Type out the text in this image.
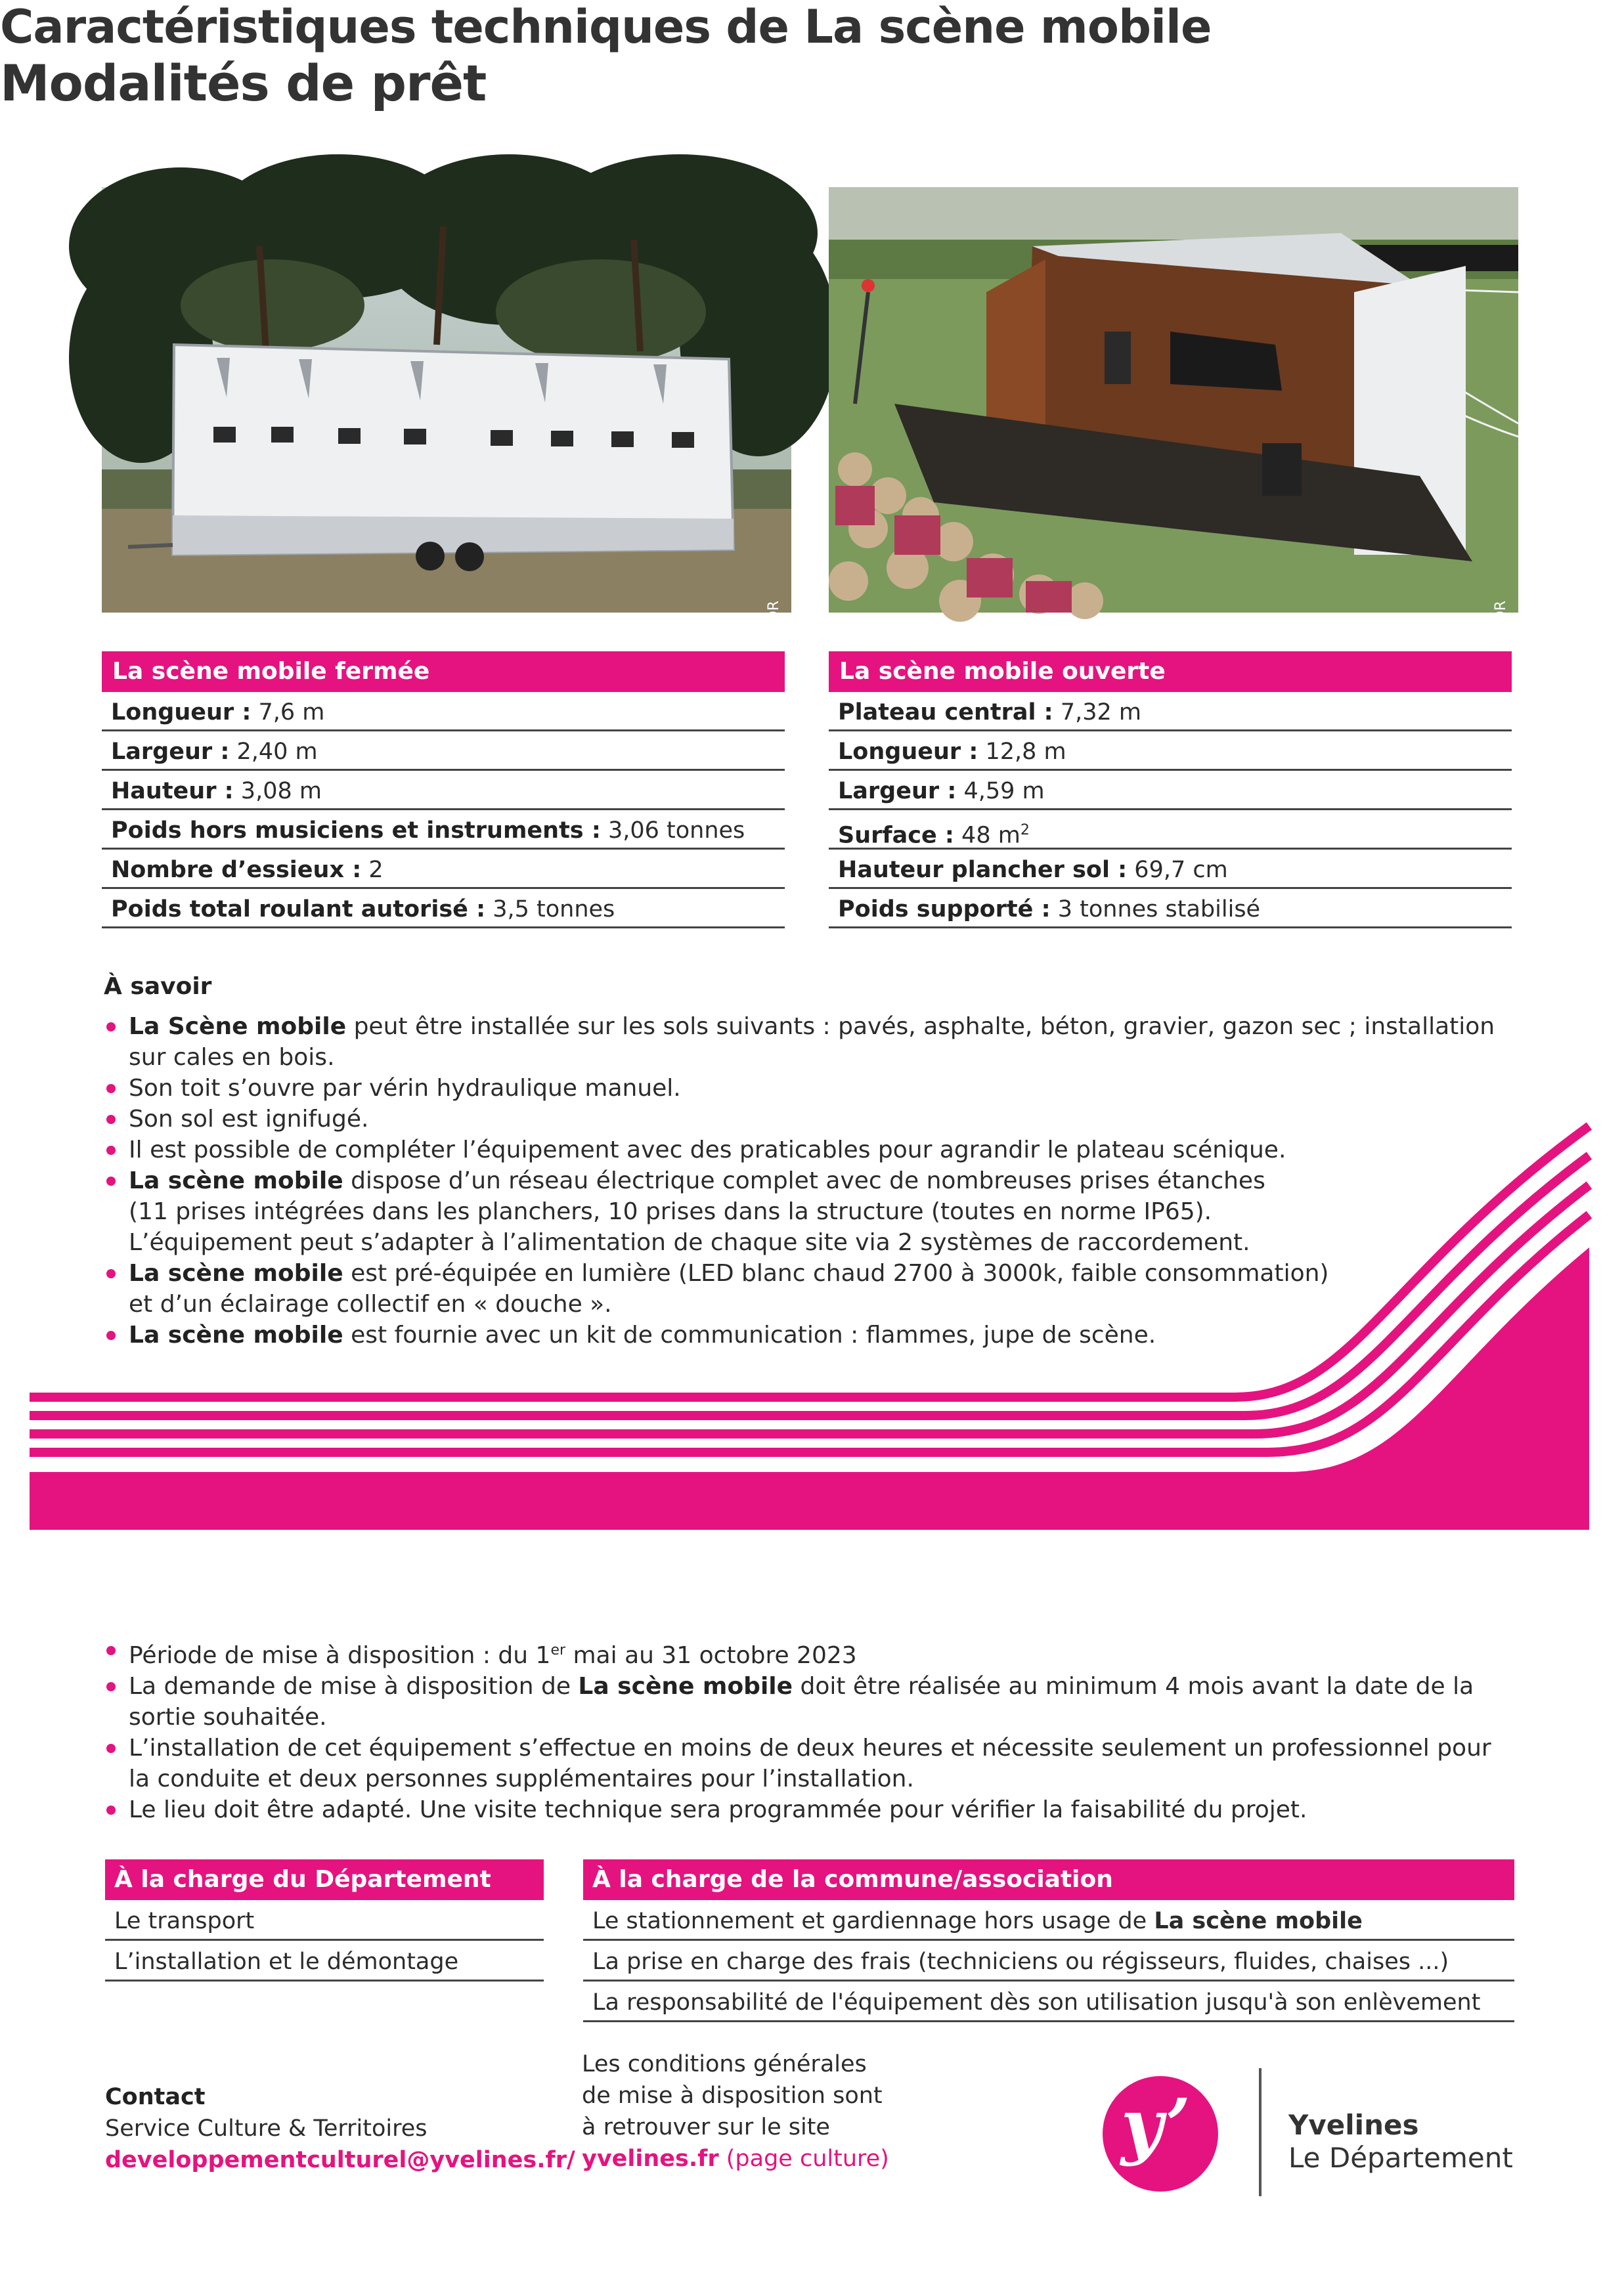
Caractéristiques techniques de La scène mobile
© DR	© DR
La scène mobile fermée
Longueur : 7,6 m
Largeur : 2,40 m
Hauteur : 3,08 m
Poids hors musiciens et instruments : 3,06 tonnes
Nombre d’essieux : 2
Poids total roulant autorisé : 3,5 tonnes
La scène mobile ouverte
Plateau central : 7,32 m
Longueur : 12,8 m
Largeur : 4,59 m
Surface : 48 $m^2$
Hauteur plancher sol : 69,7 cm
Poids supporté : 3 tonnes stabilisé
À savoir
La Scène mobile peut être installée sur les sols suivants : pavés, asphalte, béton, gravier, gazon sec ; installation sur cales en bois.
Son toit s’ouvre par vérin hydraulique manuel.
Son sol est ignifugé.
Il est possible de compléter l’équipement avec des praticables pour agrandir le plateau scénique.
La scène mobile dispose d’un réseau électrique complet avec de nombreuses prises étanches (11 prises intégrées dans les planchers, 10 prises dans la structure (toutes en norme IP65). L’équipement peut s’adapter à l’alimentation de chaque site via 2 systèmes de raccordement.
La scène mobile est pré-équipée en lumière (LED blanc chaud 2700 à 3000k, faible consommation) et d’un éclairage collectif en « douche ».
La scène mobile est fournie avec un kit de communication : flammes, jupe de scène.
Modalités de prêt
Période de mise à disposition : du 1er mai au 31 octobre 2023
La demande de mise à disposition de La scène mobile doit être réalisée au minimum 4 mois avant la date de la sortie souhaitée.
L’installation de cet équipement s’effectue en moins de deux heures et nécessite seulement un professionnel pour la conduite et deux personnes supplémentaires pour l’installation.
Le lieu doit être adapté. Une visite technique sera programmée pour vérifier la faisabilité du projet.
À la charge du Département
Le transport
L’installation et le démontage
À la charge de la commune/association
Le stationnement et gardiennage hors usage de La scène mobile
La prise en charge des frais (techniciens ou régisseurs, fluides, chaises ...)
La responsabilité de l'équipement dès son utilisation jusqu'à son enlèvement
Contact
Service Culture & Territoires
developpementculturel@yvelines.fr/
Les conditions générales
de mise à disposition sont
à retrouver sur le site
yvelines.fr (page culture)	y’	Yvelines
Le Département
